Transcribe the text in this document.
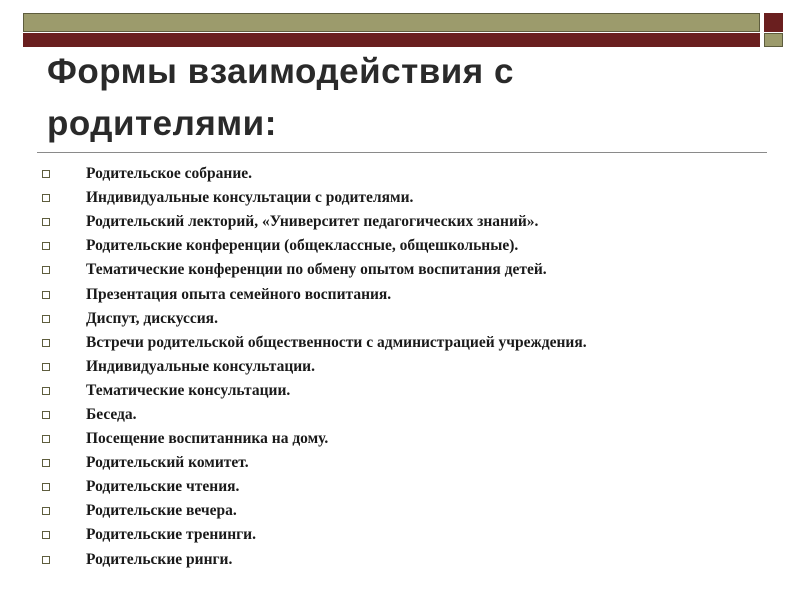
Формы взаимодействия с родителями:
Родительское собрание.
Индивидуальные консультации с родителями.
Родительский лекторий, «Университет педагогических знаний».
Родительские конференции (общеклассные, общешкольные).
Тематические конференции по обмену опытом воспитания детей.
Презентация опыта семейного воспитания.
Диспут, дискуссия.
Встречи родительской общественности с администрацией учреждения.
Индивидуальные консультации.
Тематические консультации.
Беседа.
Посещение воспитанника на дому.
Родительский комитет.
Родительские чтения.
Родительские вечера.
Родительские тренинги.
Родительские ринги.
